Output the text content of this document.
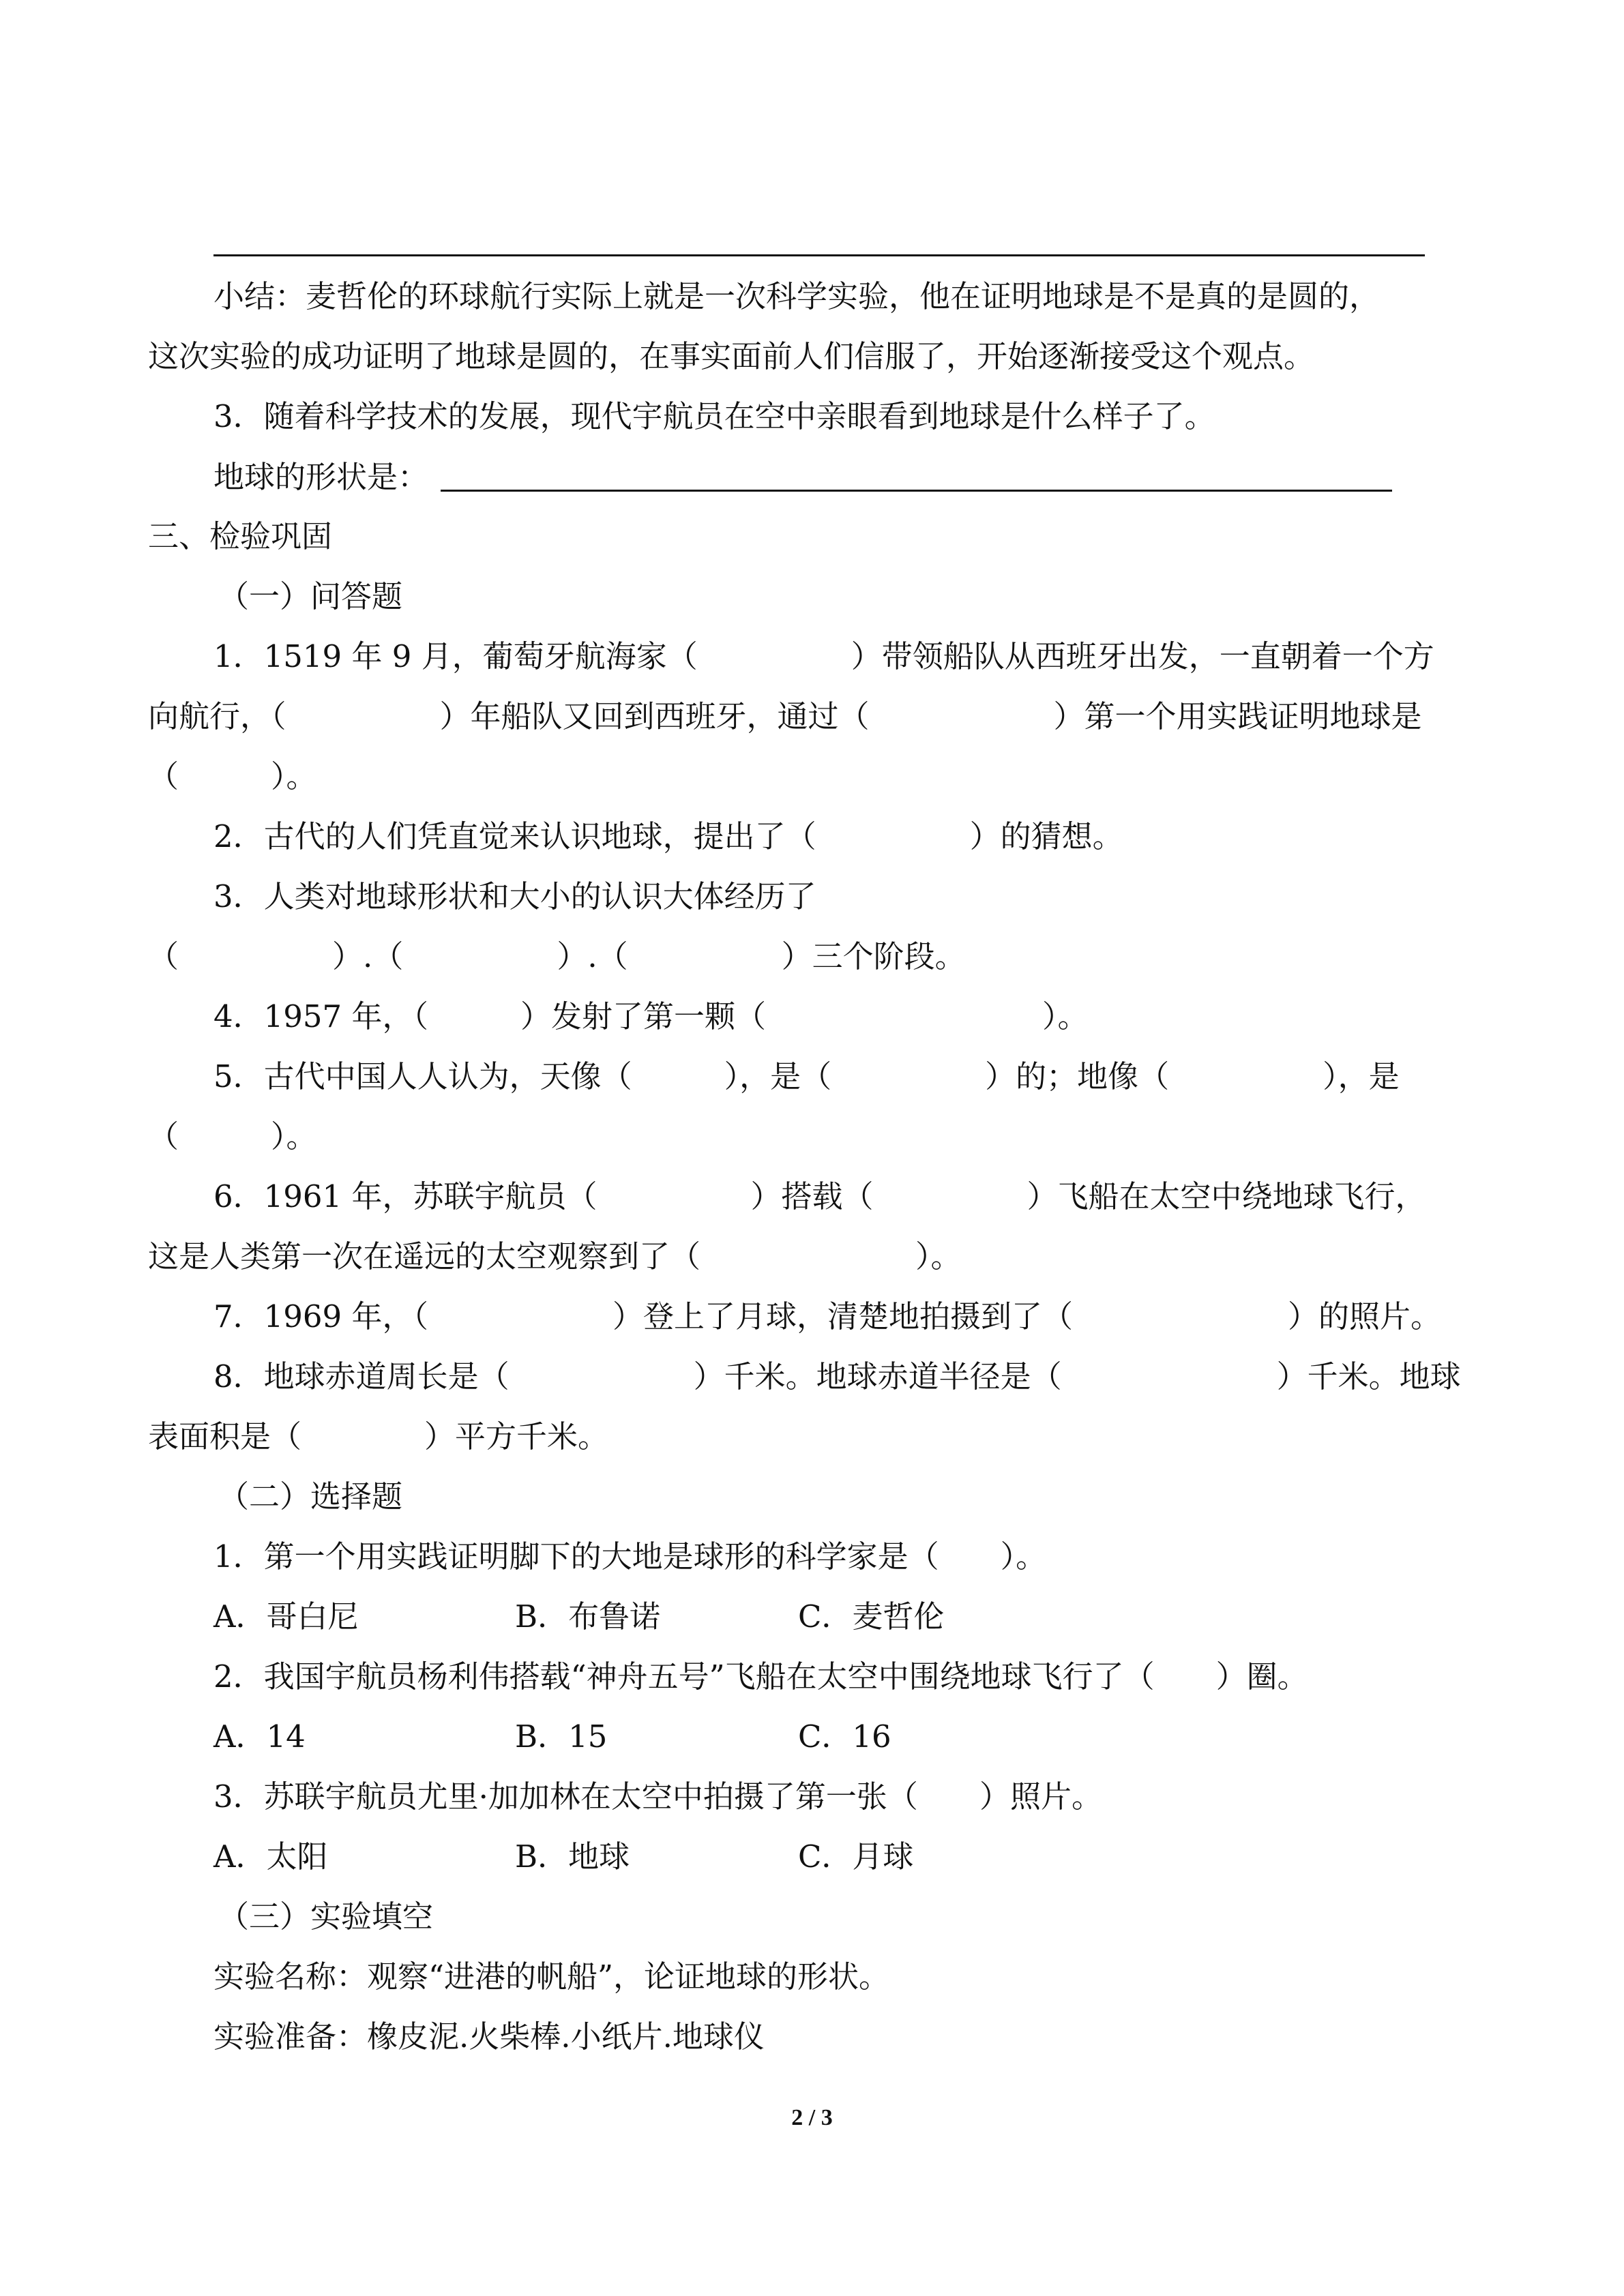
小结：麦哲伦的环球航行实际上就是一次科学实验，他在证明地球是不是真的是圆的，
这次实验的成功证明了地球是圆的，在事实面前人们信服了，开始逐渐接受这个观点。
3．随着科学技术的发展，现代宇航员在空中亲眼看到地球是什么样子了。
地球的形状是：
三、检验巩固
（一）问答题
1．1519 年 9 月，葡萄牙航海家（	）带领船队从西班牙出发，一直朝着一个方
向航行，（	）年船队又回到西班牙，通过（	）第一个用实践证明地球是
（	）。
2．古代的人们凭直觉来认识地球，提出了（	）的猜想。
3．人类对地球形状和大小的认识大体经历了
（	）.（	）.（	）三个阶段。
4．1957 年，（	）发射了第一颗（	）。
5．古代中国人人认为，天像（	），是（	）的；地像（	），是
（	）。
6．1961 年，苏联宇航员（	）搭载（	）飞船在太空中绕地球飞行，
这是人类第一次在遥远的太空观察到了（	）。
7．1969 年，（	）登上了月球，清楚地拍摄到了（	）的照片。
8．地球赤道周长是（	）千米。地球赤道半径是（	）千米。地球
表面积是（	）平方千米。
（二）选择题
1．第一个用实践证明脚下的大地是球形的科学家是（ ）。
A．哥白尼	B．布鲁诺	C．麦哲伦
2．我国宇航员杨利伟搭载“神舟五号”飞船在太空中围绕地球飞行了（ ）圈。
A．14	B．15	C．16
3．苏联宇航员尤里·加加林在太空中拍摄了第一张（ ）照片。
A．太阳	B．地球	C．月球
（三）实验填空
实验名称：观察“进港的帆船”，论证地球的形状。
实验准备：橡皮泥.火柴棒.小纸片.地球仪
2 / 3
